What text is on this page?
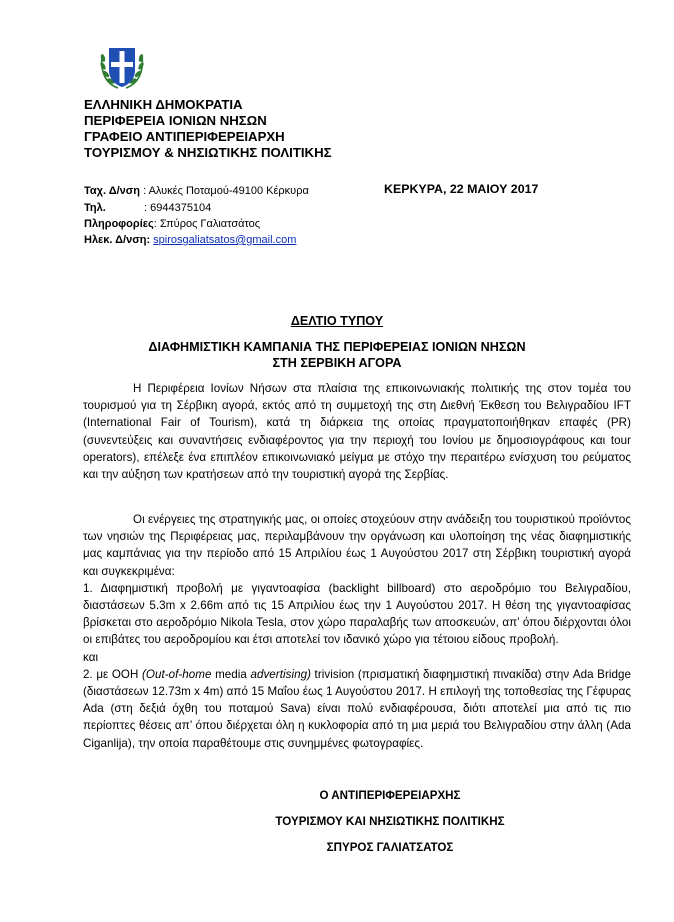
ΕΛΛΗΝΙΚΗ ΔΗΜΟΚΡΑΤΙΑ
ΠΕΡΙΦΕΡΕΙΑ ΙΟΝΙΩΝ ΝΗΣΩΝ
ΓΡΑΦΕΙΟ ΑΝΤΙΠΕΡΙΦΕΡΕΙΑΡΧΗ
ΤΟΥΡΙΣΜΟΥ & ΝΗΣΙΩΤΙΚΗΣ ΠΟΛΙΤΙΚΗΣ
Ταχ. Δ/νση : Αλυκές Ποταμού-49100 Κέρκυρα
Τηλ.	: 6944375104
Πληροφορίες: Σπύρος Γαλιατσάτος
Ηλεκ. Δ/νση: spirosgaliatsatos@gmail.com
ΚΕΡΚΥΡΑ, 22 ΜΑΙΟΥ 2017
ΔΕΛΤΙΟ ΤΥΠΟΥ
ΔΙΑΦΗΜΙΣΤΙΚΗ ΚΑΜΠΑΝΙΑ ΤΗΣ ΠΕΡΙΦΕΡΕΙΑΣ ΙΟΝΙΩΝ ΝΗΣΩΝ
ΣΤΗ ΣΕΡΒΙΚΗ ΑΓΟΡΑ

Η Περιφέρεια Ιονίων Νήσων στα πλαίσια της επικοινωνιακής πολιτικής της στον τομέα του τουρισμού για τη Σέρβικη αγορά, εκτός από τη συμμετοχή της στη Διεθνή Έκθεση του Βελιγραδίου IFT (International Fair of Tourism), κατά τη διάρκεια της οποίας πραγματοποιήθηκαν επαφές (PR) (συνεντεύξεις και συναντήσεις ενδιαφέροντος για την περιοχή του Ιονίου με δημοσιογράφους και tour operators), επέλεξε ένα επιπλέον επικοινωνιακό μείγμα με στόχο την περαιτέρω ενίσχυση του ρεύματος και την αύξηση των κρατήσεων από την τουριστική αγορά της Σερβίας.

Οι ενέργειες της στρατηγικής μας, οι οποίες στοχεύουν στην ανάδειξη του τουριστικού προϊόντος των νησιών της Περιφέρειας μας, περιλαμβάνουν την οργάνωση και υλοποίηση της νέας διαφημιστικής μας καμπάνιας για την περίοδο από 15 Απριλίου έως 1 Αυγούστου 2017 στη Σέρβικη τουριστική αγορά και συγκεκριμένα:

1. Διαφημιστική προβολή με γιγαντοαφίσα (backlight billboard) στο αεροδρόμιο του Βελιγραδίου, διαστάσεων 5.3m x 2.66m από τις 15 Απριλίου έως την 1 Αυγούστου 2017. Η θέση της γιγαντοαφίσας βρίσκεται στο αεροδρόμιο Nikola Tesla, στον χώρο παραλαβής των αποσκευών, απ’ όπου διέρχονται όλοι οι επιβάτες του αεροδρομίου και έτσι αποτελεί τον ιδανικό χώρο για τέτοιου είδους προβολή.

και

2. με ΟΟΗ (Out-of-home media advertising) trivision (πρισματική διαφημιστική πινακίδα) στην Ada Bridge (διαστάσεων 12.73m x 4m) από 15 Μαΐου έως 1 Αυγούστου 2017. Η επιλογή της τοποθεσίας της Γέφυρας Ada (στη δεξιά όχθη του ποταμού Sava) είναι πολύ ενδιαφέρουσα, διότι αποτελεί μια από τις πιο περίοπτες θέσεις απ’ όπου διέρχεται όλη η κυκλοφορία από τη μια μεριά του Βελιγραδίου στην άλλη (Ada Ciganlija), την οποία παραθέτουμε στις συνημμένες φωτογραφίες.

Ο ΑΝΤΙΠΕΡΙΦΕΡΕΙΑΡΧΗΣ
ΤΟΥΡΙΣΜΟΥ ΚΑΙ ΝΗΣΙΩΤΙΚΗΣ ΠΟΛΙΤΙΚΗΣ
ΣΠΥΡΟΣ ΓΑΛΙΑΤΣΑΤΟΣ
